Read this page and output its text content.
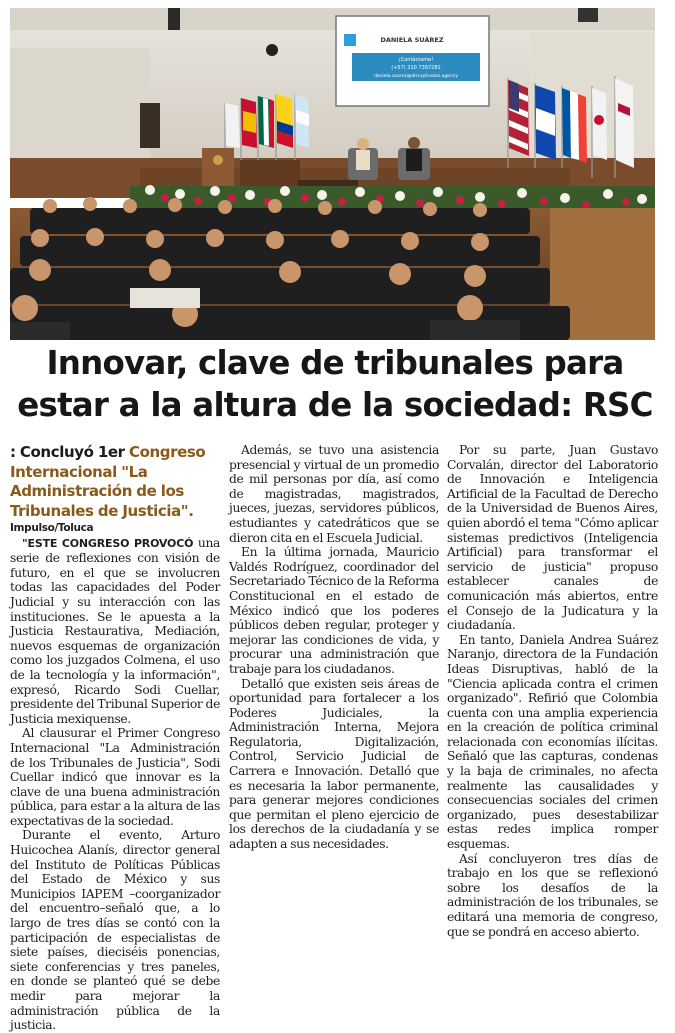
DANIELA SUÁREZ
¡Contáctame!
(+57) 310 7397281
daniela.suarez@disruptivelas.agency
Innovar, clave de tribunales para
estar a la altura de la sociedad: RSC

: Concluyó 1er Congreso Internacional "La Administración de los Tribunales de Justicia".

Impulso/Toluca

"ESTE CONGRESO PROVOCÓ una serie de reflexiones con visión de futuro, en el que se involucren todas las capacidades del Poder Judicial y su interacción con las instituciones. Se le apuesta a la Justicia Restaurativa, Mediación, nuevos esquemas de organización como los juzgados Colmena, el uso de la tecnología y la información", expresó, Ricardo Sodi Cuellar, presidente del Tribunal Superior de Justicia mexiquense.

Al clausurar el Primer Congreso Internacional "La Administración de los Tribunales de Justicia", Sodi Cuellar indicó que innovar es la clave de una buena administración pública, para estar a la altura de las expectativas de la sociedad.

Durante el evento, Arturo Huicochea Alanís, director general del Instituto de Políticas Públicas del Estado de México y sus Municipios IAPEM –coorganizador del encuentro–señaló que, a lo largo de tres días se contó con la participación de especialistas de siete países, dieciséis ponencias, siete conferencias y tres paneles, en donde se planteó qué se debe medir para mejorar la administración pública de la justicia.

Además, se tuvo una asistencia presencial y virtual de un promedio de mil personas por día, así como de magistradas, magistrados, jueces, juezas, servidores públicos, estudiantes y catedráticos que se dieron cita en el Escuela Judicial.

En la última jornada, Mauricio Valdés Rodríguez, coordinador del Secretariado Técnico de la Reforma Constitucional en el estado de México indicó que los poderes públicos deben regular, proteger y mejorar las condiciones de vida, y procurar una administración que trabaje para los ciudadanos.

Detalló que existen seis áreas de oportunidad para fortalecer a los Poderes Judiciales, la Administración Interna, Mejora Regulatoria, Digitalización, Control, Servicio Judicial de Carrera e Innovación. Detalló que es necesaria la labor permanente, para generar mejores condiciones que permitan el pleno ejercicio de los derechos de la ciudadanía y se adapten a sus necesidades.

Por su parte, Juan Gustavo Corvalán, director del Laboratorio de Innovación e Inteligencia Artificial de la Facultad de Derecho de la Universidad de Buenos Aires, quien abordó el tema "Cómo aplicar sistemas predictivos (Inteligencia Artificial) para transformar el servicio de justicia" propuso establecer canales de comunicación más abiertos, entre el Consejo de la Judicatura y la ciudadanía.

En tanto, Daniela Andrea Suárez Naranjo, directora de la Fundación Ideas Disruptivas, habló de la "Ciencia aplicada contra el crimen organizado". Refirió que Colombia cuenta con una amplia experiencia en la creación de política criminal relacionada con economías ilícitas. Señaló que las capturas, condenas y la baja de criminales, no afecta realmente las causalidades y consecuencias sociales del crimen organizado, pues desestabilizar estas redes implica romper esquemas.

Así concluyeron tres días de trabajo en los que se reflexionó sobre los desafíos de la administración de los tribunales, se editará una memoria de congreso, que se pondrá en acceso abierto.
